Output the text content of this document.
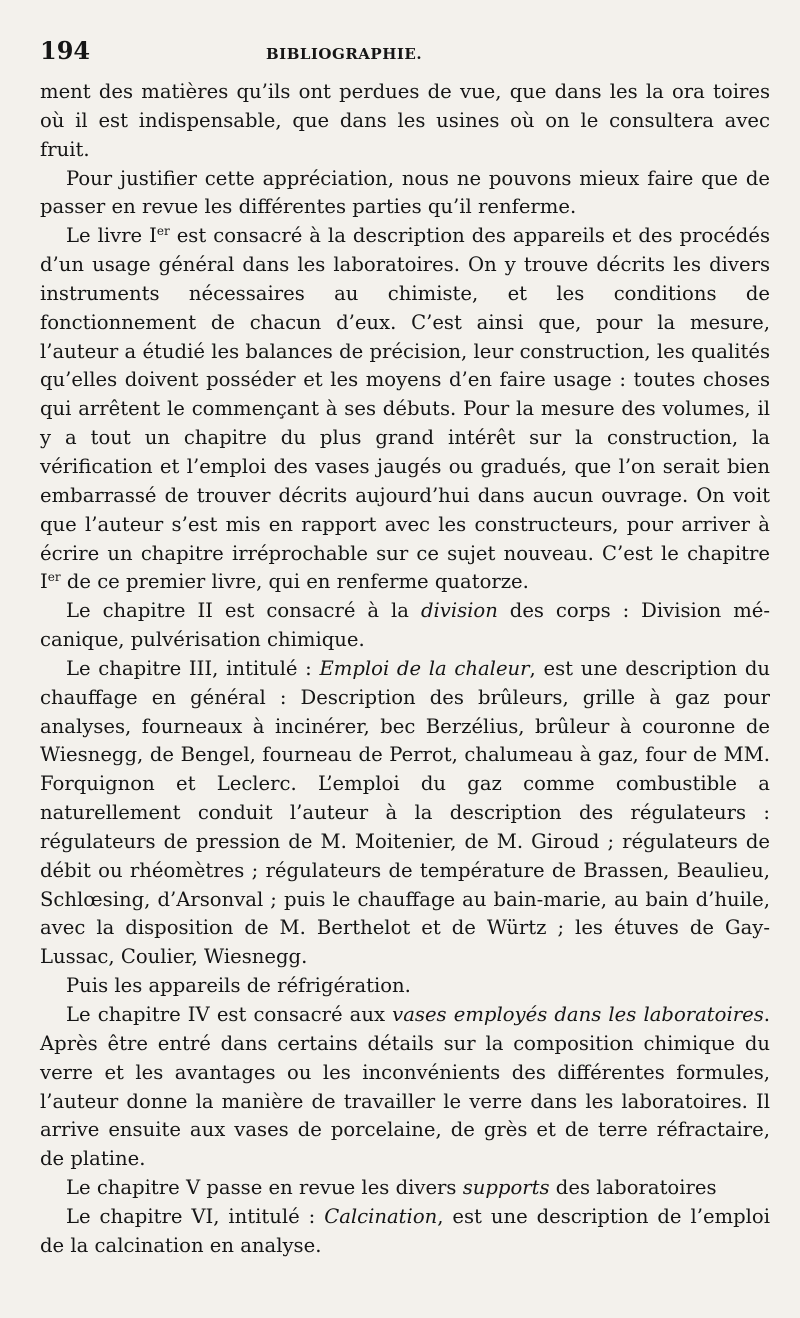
194	BIBLIOGRAPHIE.

ment des matières qu’ils ont perdues de vue, que dans les la ora toires où il est indispensable, que dans les usines où on le consultera avec fruit.

Pour justifier cette appréciation, nous ne pouvons mieux faire que de passer en revue les différentes parties qu’il renferme.

Le livre Ier est consacré à la description des appareils et des procédés d’un usage général dans les laboratoires. On y trouve décrits les divers instruments nécessaires au chimiste, et les conditions de fonctionnement de chacun d’eux. C’est ainsi que, pour la mesure, l’auteur a étudié les balances de précision, leur construction, les qualités qu’elles doivent posséder et les moyens d’en faire usage : toutes choses qui arrêtent le commençant à ses débuts. Pour la mesure des volumes, il y a tout un chapitre du plus grand intérêt sur la construction, la vérification et l’emploi des vases jaugés ou gradués, que l’on serait bien embarrassé de trouver décrits aujourd’hui dans aucun ouvrage. On voit que l’auteur s’est mis en rapport avec les constructeurs, pour arriver à écrire un chapitre irréprochable sur ce sujet nouveau. C’est le chapitre Ier de ce premier livre, qui en renferme quatorze.

Le chapitre II est consacré à la division des corps : Division mécanique, pulvérisation chimique.

Le chapitre III, intitulé : Emploi de la chaleur, est une description du chauffage en général : Description des brûleurs, grille à gaz pour analyses, fourneaux à incinérer, bec Berzélius, brûleur à couronne de Wiesnegg, de Bengel, fourneau de Perrot, chalumeau à gaz, four de MM. Forquignon et Leclerc. L’emploi du gaz comme combustible a naturellement conduit l’auteur à la description des régulateurs : régulateurs de pression de M. Moitenier, de M. Giroud ; régulateurs de débit ou rhéomètres ; régulateurs de température de Brassen, Beaulieu, Schlœsing, d’Arsonval ; puis le chauffage au bain-marie, au bain d’huile, avec la disposition de M. Berthelot et de Würtz ; les étuves de Gay-Lussac, Coulier, Wiesnegg.

Puis les appareils de réfrigération.

Le chapitre IV est consacré aux vases employés dans les laboratoires. Après être entré dans certains détails sur la composition chimique du verre et les avantages ou les inconvénients des différentes formules, l’auteur donne la manière de travailler le verre dans les laboratoires. Il arrive ensuite aux vases de porcelaine, de grès et de terre réfractaire, de platine.

Le chapitre V passe en revue les divers supports des laboratoires

Le chapitre VI, intitulé : Calcination, est une description de l’emploi de la calcination en analyse.
